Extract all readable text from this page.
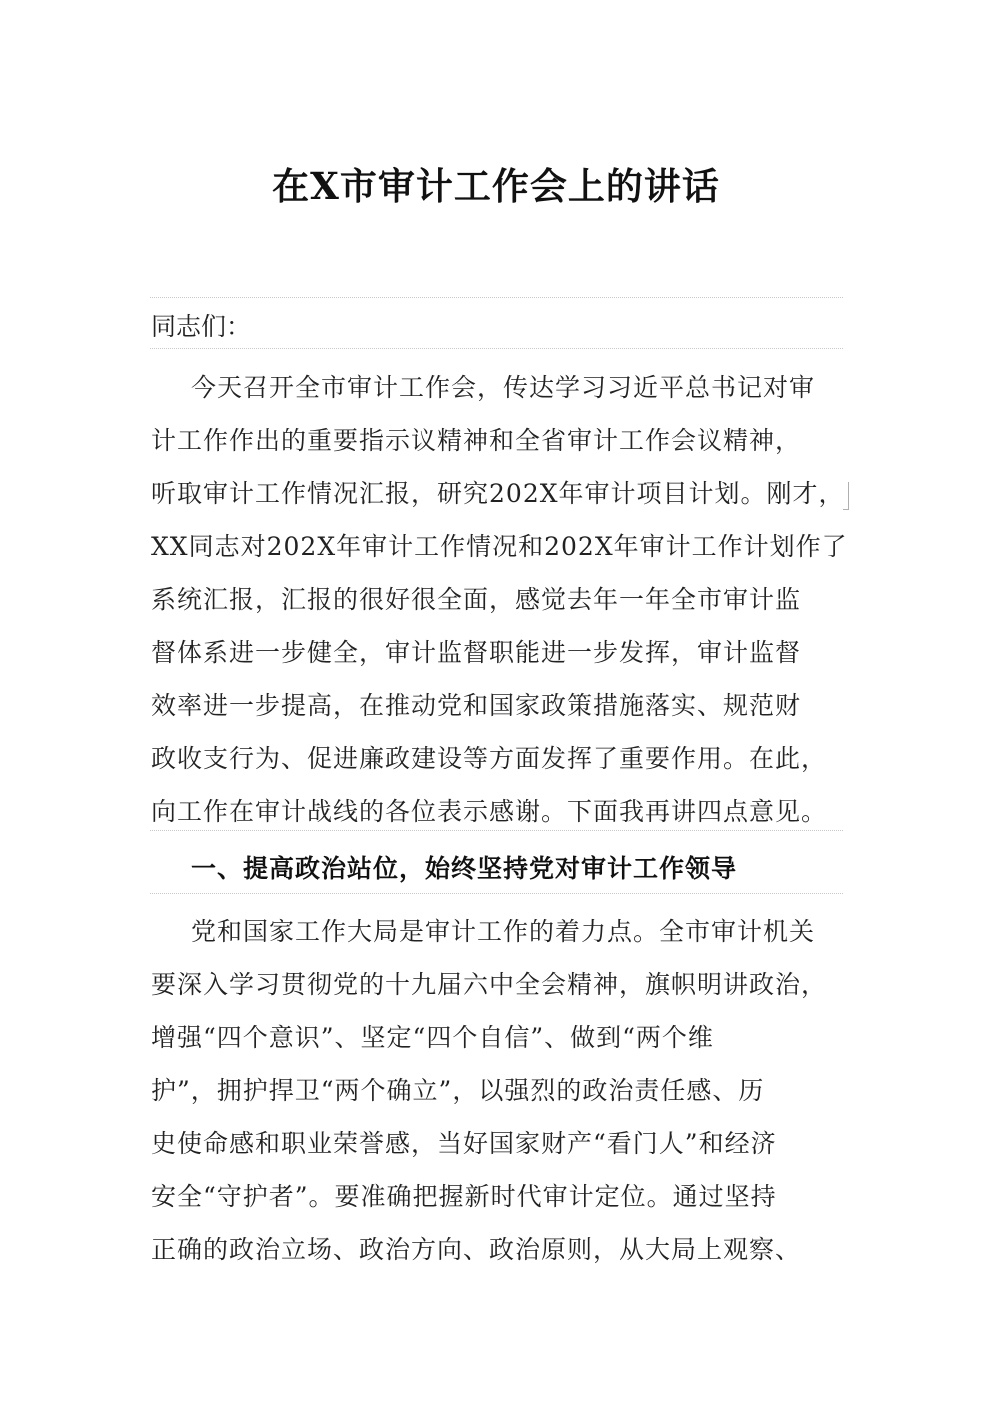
在X市审计工作会上的讲话
同志们：
今天召开全市审计工作会，传达学习习近平总书记对审
计工作作出的重要指示议精神和全省审计工作会议精神，
听取审计工作情况汇报，研究202X年审计项目计划。刚才，
XX同志对202X年审计工作情况和202X年审计工作计划作了
系统汇报，汇报的很好很全面，感觉去年一年全市审计监
督体系进一步健全，审计监督职能进一步发挥，审计监督
效率进一步提高，在推动党和国家政策措施落实、规范财
政收支行为、促进廉政建设等方面发挥了重要作用。在此，
向工作在审计战线的各位表示感谢。下面我再讲四点意见。
一、提高政治站位，始终坚持党对审计工作领导
党和国家工作大局是审计工作的着力点。全市审计机关
要深入学习贯彻党的十九届六中全会精神，旗帜明讲政治，
增强“四个意识”、坚定“四个自信”、做到“两个维
护”，拥护捍卫“两个确立”，以强烈的政治责任感、历
史使命感和职业荣誉感，当好国家财产“看门人”和经济
安全“守护者”。要准确把握新时代审计定位。通过坚持
正确的政治立场、政治方向、政治原则，从大局上观察、
